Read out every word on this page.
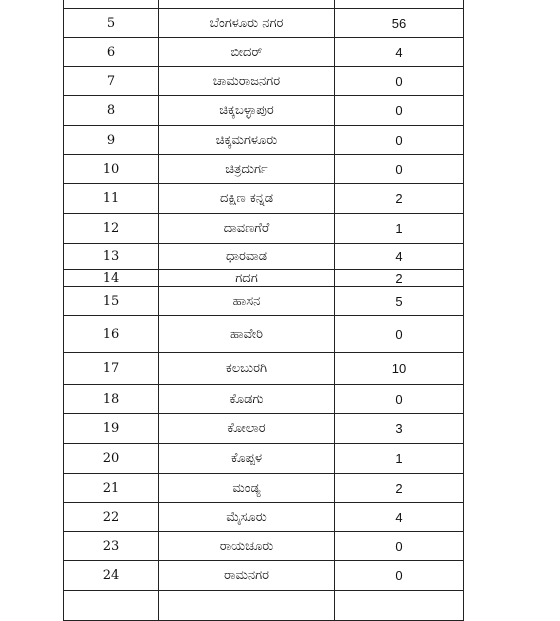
5	ಬೆಂಗಳೂರು ನಗರ	56
6	ಬೀದರ್	4
7	ಚಾಮರಾಜನಗರ	0
8	ಚಿಕ್ಕಬಳ್ಳಾಪುರ	0
9	ಚಿಕ್ಕಮಗಳೂರು	0
10	ಚಿತ್ರದುರ್ಗ	0
11	ದಕ್ಷಿಣ ಕನ್ನಡ	2
12	ದಾವಣಗೆರೆ	1
13	ಧಾರವಾಡ	4
14	ಗದಗ	2
15	ಹಾಸನ	5
16	ಹಾವೇರಿ	0
17	ಕಲಬುರಗಿ	10
18	ಕೊಡಗು	0
19	ಕೋಲಾರ	3
20	ಕೊಪ್ಪಳ	1
21	ಮಂಡ್ಯ	2
22	ಮೈಸೂರು	4
23	ರಾಯಚೂರು	0
24	ರಾಮನಗರ	0
